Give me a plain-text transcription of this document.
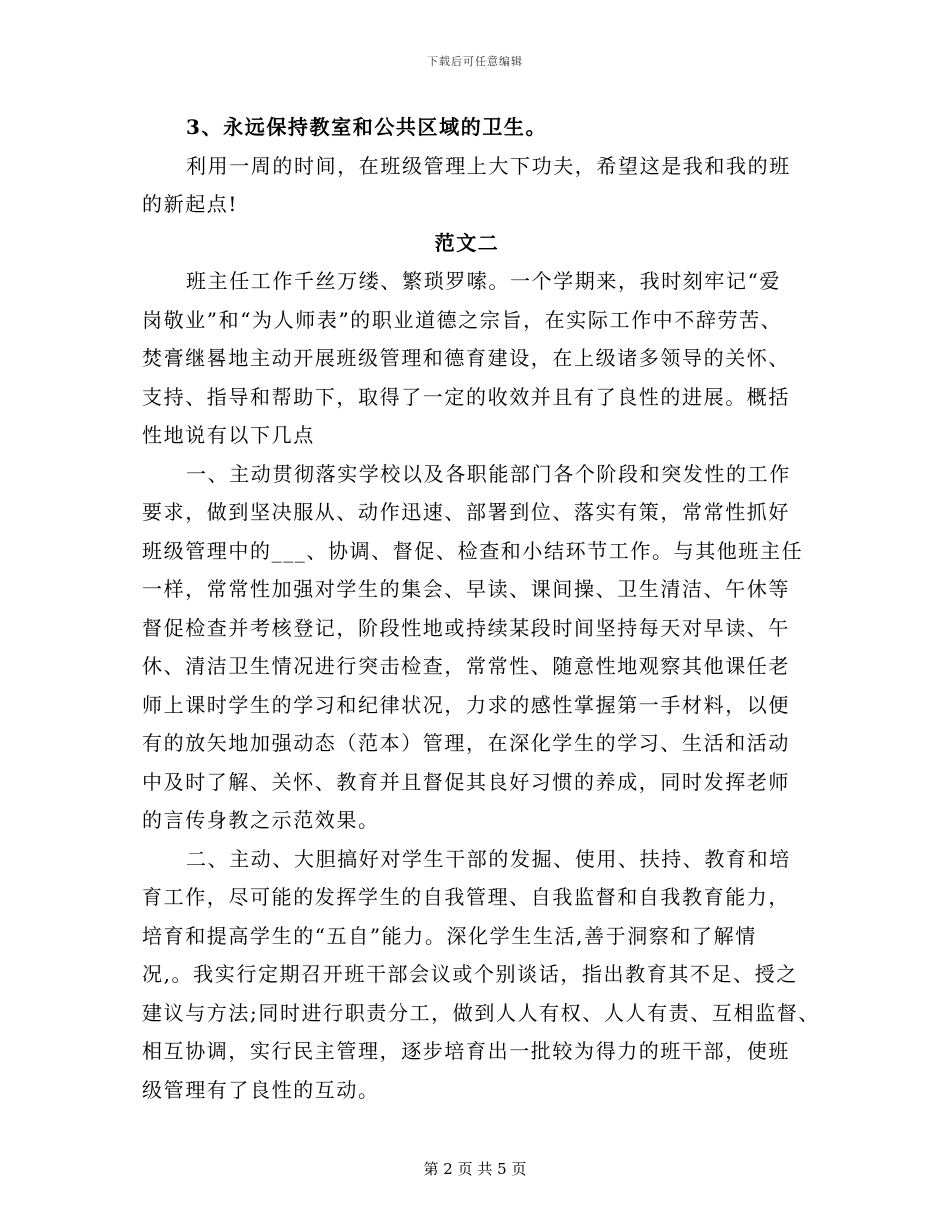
下载后可任意编辑
3、永远保持教室和公共区域的卫生。
利用一周的时间，在班级管理上大下功夫，希望这是我和我的班
的新起点!
范文二
班主任工作千丝万缕、繁琐罗嗦。一个学期来，我时刻牢记“爱
岗敬业”和“为人师表”的职业道德之宗旨，在实际工作中不辞劳苦、
焚膏继晷地主动开展班级管理和德育建设，在上级诸多领导的关怀、
支持、指导和帮助下，取得了一定的收效并且有了良性的进展。概括
性地说有以下几点
一、主动贯彻落实学校以及各职能部门各个阶段和突发性的工作
要求，做到坚决服从、动作迅速、部署到位、落实有策，常常性抓好
班级管理中的___、协调、督促、检查和小结环节工作。与其他班主任
一样，常常性加强对学生的集会、早读、课间操、卫生清洁、午休等
督促检查并考核登记，阶段性地或持续某段时间坚持每天对早读、午
休、清洁卫生情况进行突击检查，常常性、随意性地观察其他课任老
师上课时学生的学习和纪律状况，力求的感性掌握第一手材料，以便
有的放矢地加强动态（范本）管理，在深化学生的学习、生活和活动
中及时了解、关怀、教育并且督促其良好习惯的养成，同时发挥老师
的言传身教之示范效果。
二、主动、大胆搞好对学生干部的发掘、使用、扶持、教育和培
育工作，尽可能的发挥学生的自我管理、自我监督和自我教育能力，
培育和提高学生的“五自”能力。深化学生生活,善于洞察和了解情
况,。我实行定期召开班干部会议或个别谈话，指出教育其不足、授之
建议与方法;同时进行职责分工，做到人人有权、人人有责、互相监督、
相互协调，实行民主管理，逐步培育出一批较为得力的班干部，使班
级管理有了良性的互动。
第 2 页 共 5 页
